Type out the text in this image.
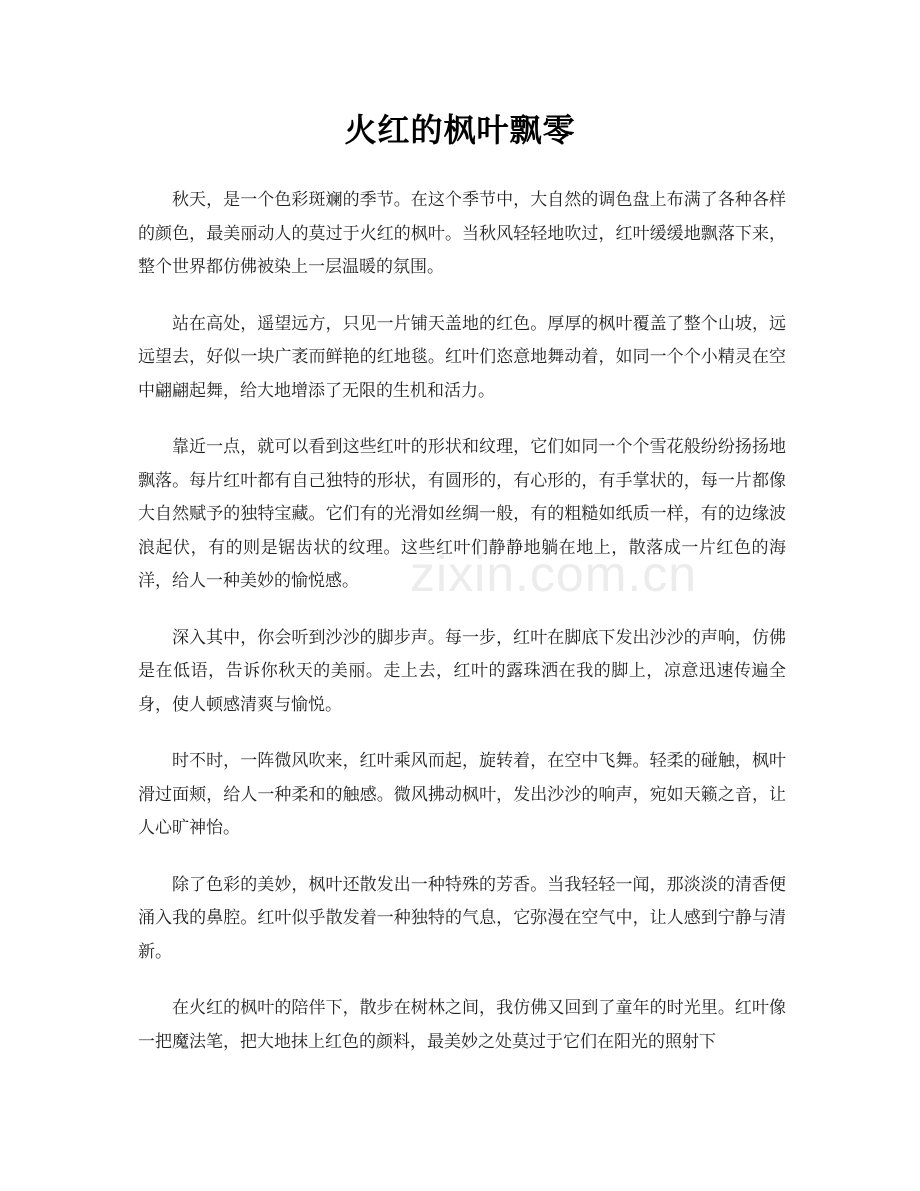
zixin.com.cn
火红的枫叶飘零

秋天，是一个色彩斑斓的季节。在这个季节中，大自然的调色盘上布满了各种各样的颜色，最美丽动人的莫过于火红的枫叶。当秋风轻轻地吹过，红叶缓缓地飘落下来，整个世界都仿佛被染上一层温暖的氛围。

站在高处，遥望远方，只见一片铺天盖地的红色。厚厚的枫叶覆盖了整个山坡，远远望去，好似一块广袤而鲜艳的红地毯。红叶们恣意地舞动着，如同一个个小精灵在空中翩翩起舞，给大地增添了无限的生机和活力。

靠近一点，就可以看到这些红叶的形状和纹理，它们如同一个个雪花般纷纷扬扬地飘落。每片红叶都有自己独特的形状，有圆形的，有心形的，有手掌状的，每一片都像大自然赋予的独特宝藏。它们有的光滑如丝绸一般，有的粗糙如纸质一样，有的边缘波浪起伏，有的则是锯齿状的纹理。这些红叶们静静地躺在地上，散落成一片红色的海洋，给人一种美妙的愉悦感。

深入其中，你会听到沙沙的脚步声。每一步，红叶在脚底下发出沙沙的声响，仿佛是在低语，告诉你秋天的美丽。走上去，红叶的露珠洒在我的脚上，凉意迅速传遍全身，使人顿感清爽与愉悦。

时不时，一阵微风吹来，红叶乘风而起，旋转着，在空中飞舞。轻柔的碰触，枫叶滑过面颊，给人一种柔和的触感。微风拂动枫叶，发出沙沙的响声，宛如天籁之音，让人心旷神怡。

除了色彩的美妙，枫叶还散发出一种特殊的芳香。当我轻轻一闻，那淡淡的清香便涌入我的鼻腔。红叶似乎散发着一种独特的气息，它弥漫在空气中，让人感到宁静与清新。

在火红的枫叶的陪伴下，散步在树林之间，我仿佛又回到了童年的时光里。红叶像一把魔法笔，把大地抹上红色的颜料，最美妙之处莫过于它们在阳光的照射下
